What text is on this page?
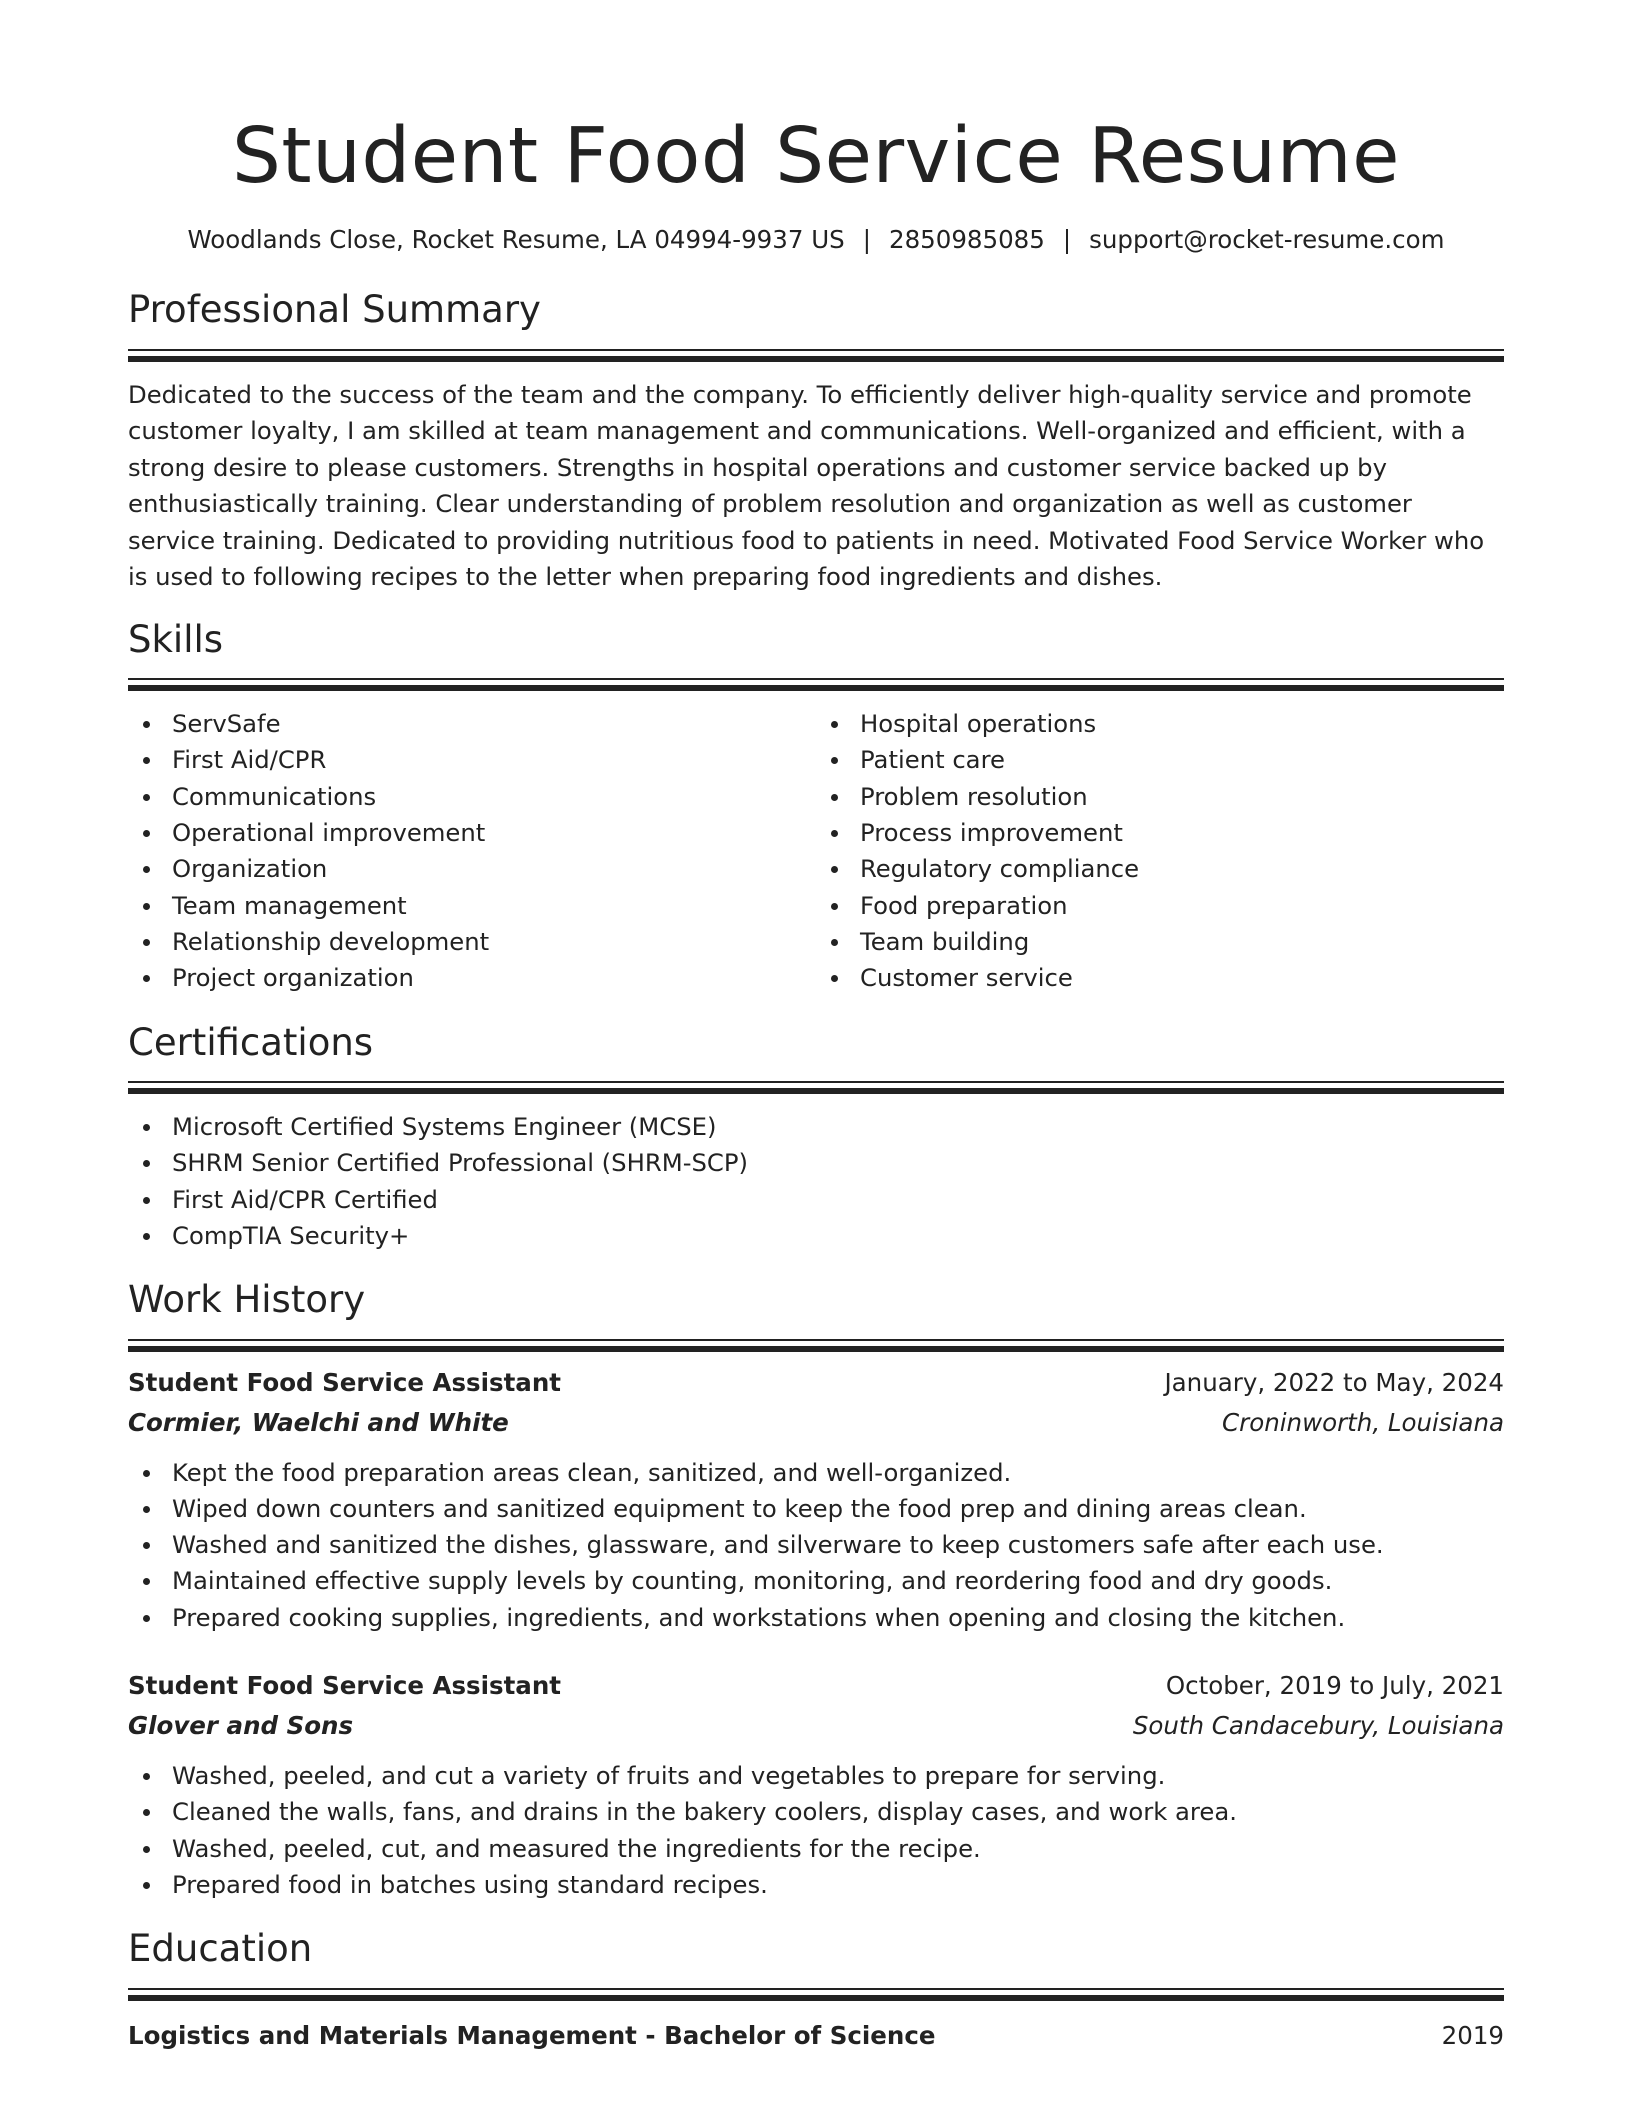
Student Food Service Resume
Woodlands Close, Rocket Resume, LA 04994-9937 US | 2850985085 | support@rocket-resume.com
Professional Summary
Dedicated to the success of the team and the company. To efficiently deliver high-quality service and promote customer loyalty, I am skilled at team management and communications. Well-organized and efficient, with a strong desire to please customers. Strengths in hospital operations and customer service backed up by enthusiastically training. Clear understanding of problem resolution and organization as well as customer service training. Dedicated to providing nutritious food to patients in need. Motivated Food Service Worker who is used to following recipes to the letter when preparing food ingredients and dishes.
Skills
ServSafe
First Aid/CPR
Communications
Operational improvement
Organization
Team management
Relationship development
Project organization
Hospital operations
Patient care
Problem resolution
Process improvement
Regulatory compliance
Food preparation
Team building
Customer service
Certifications
Microsoft Certified Systems Engineer (MCSE)
SHRM Senior Certified Professional (SHRM-SCP)
First Aid/CPR Certified
CompTIA Security+
Work History
Student Food Service Assistant	January, 2022 to May, 2024
Cormier, Waelchi and White	Croninworth, Louisiana
Kept the food preparation areas clean, sanitized, and well-organized.
Wiped down counters and sanitized equipment to keep the food prep and dining areas clean.
Washed and sanitized the dishes, glassware, and silverware to keep customers safe after each use.
Maintained effective supply levels by counting, monitoring, and reordering food and dry goods.
Prepared cooking supplies, ingredients, and workstations when opening and closing the kitchen.
Student Food Service Assistant	October, 2019 to July, 2021
Glover and Sons	South Candacebury, Louisiana
Washed, peeled, and cut a variety of fruits and vegetables to prepare for serving.
Cleaned the walls, fans, and drains in the bakery coolers, display cases, and work area.
Washed, peeled, cut, and measured the ingredients for the recipe.
Prepared food in batches using standard recipes.
Education
Logistics and Materials Management - Bachelor of Science	2019
